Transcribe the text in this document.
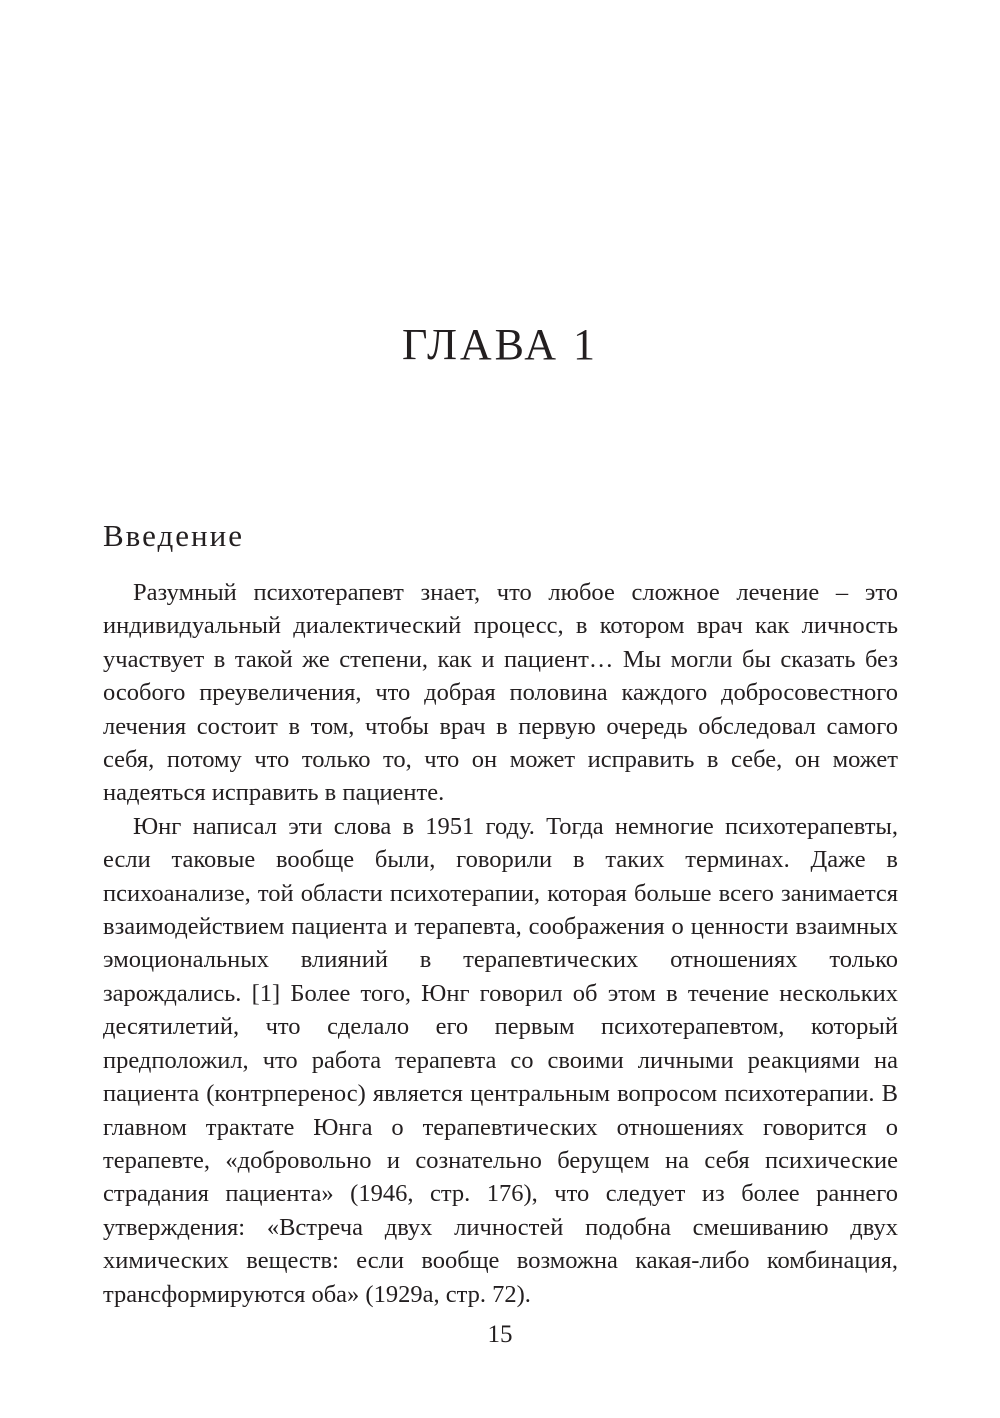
ГЛАВА 1
Введение

Разумный психотерапевт знает, что любое сложное лечение – это индивидуальный диалектический процесс, в котором врач как личность участвует в такой же степени, как и пациент… Мы могли бы сказать без особого преувеличения, что добрая половина каждого добросовестного лечения состоит в том, чтобы врач в первую очередь обследовал самого себя, потому что только то, что он может исправить в себе, он может надеяться исправить в пациенте.

Юнг написал эти слова в 1951 году. Тогда немногие психотерапевты, если таковые вообще были, говорили в таких терминах. Даже в психоанализе, той области психотерапии, которая больше всего занимается взаимодействием пациента и терапевта, соображения о ценности взаимных эмоциональных влияний в терапевтических отношениях только зарождались. [1] Более того, Юнг говорил об этом в течение нескольких десятилетий, что сделало его первым психотерапевтом, который предположил, что работа терапевта со своими личными реакциями на пациента (контрперенос) является центральным вопросом психотерапии. В главном трактате Юнга о терапевтических отношениях говорится о терапевте, «добровольно и сознательно берущем на себя психические страдания пациента» (1946, стр. 176), что следует из более раннего утверждения: «Встреча двух личностей подобна смешиванию двух химических веществ: если вообще возможна какая-либо комбинация, трансформируются оба» (1929а, стр. 72).

15
